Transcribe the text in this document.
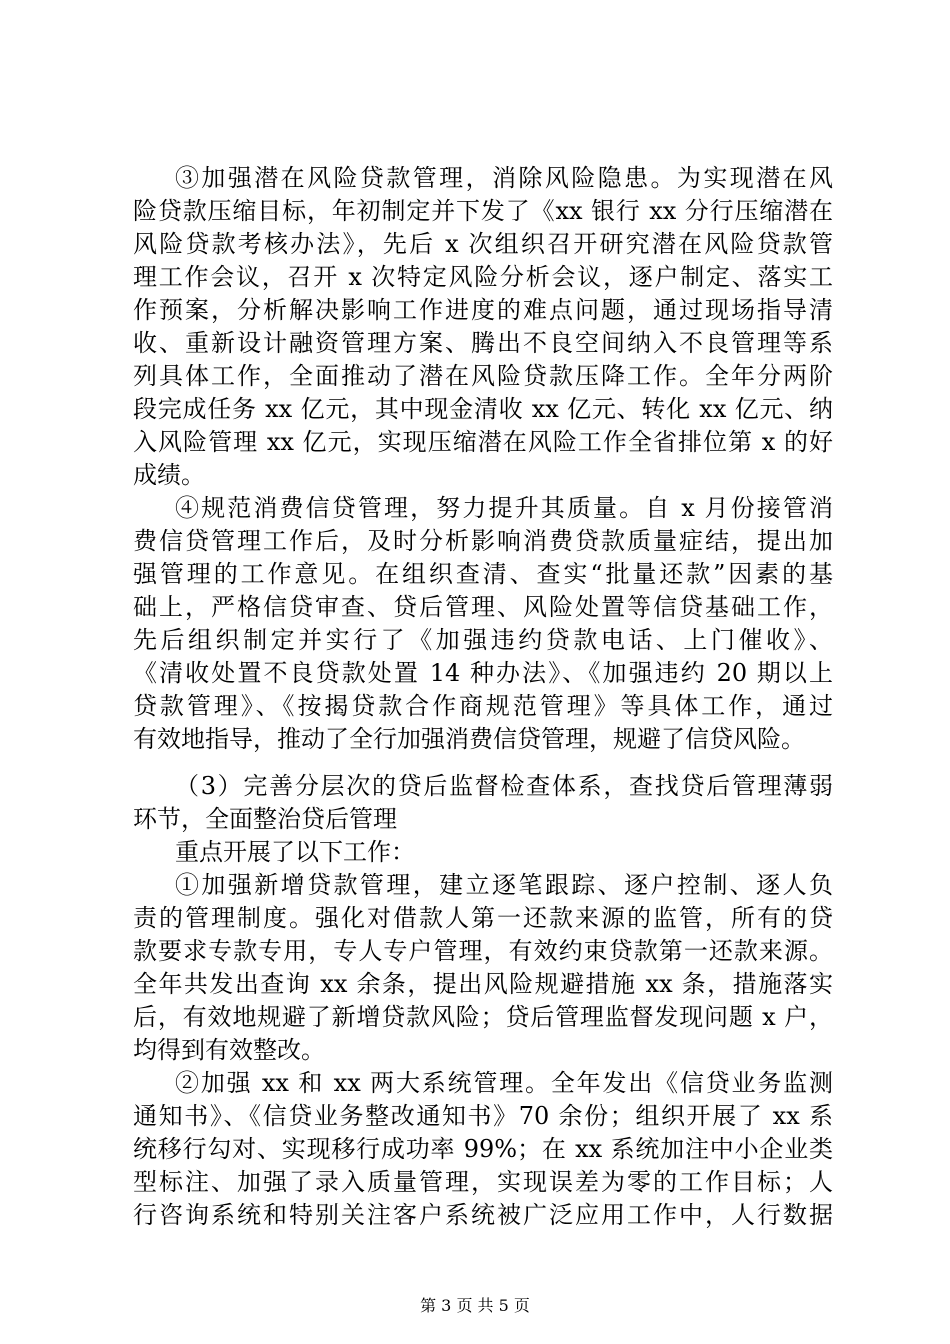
③加强潜在风险贷款管理，消除风险隐患。为实现潜在风
险贷款压缩目标，年初制定并下发了《xx 银行 xx 分行压缩潜在
风险贷款考核办法》，先后 x 次组织召开研究潜在风险贷款管
理工作会议，召开 x 次特定风险分析会议，逐户制定、落实工
作预案，分析解决影响工作进度的难点问题，通过现场指导清
收、重新设计融资管理方案、腾出不良空间纳入不良管理等系
列具体工作，全面推动了潜在风险贷款压降工作。全年分两阶
段完成任务 xx 亿元，其中现金清收 xx 亿元、转化 xx 亿元、纳
入风险管理 xx 亿元，实现压缩潜在风险工作全省排位第 x 的好
成绩。
④规范消费信贷管理，努力提升其质量。自 x 月份接管消
费信贷管理工作后，及时分析影响消费贷款质量症结，提出加
强管理的工作意见。在组织查清、查实“批量还款”因素的基
础上，严格信贷审查、贷后管理、风险处置等信贷基础工作，
先后组织制定并实行了《加强违约贷款电话、上门催收》、
《清收处置不良贷款处置 14 种办法》、《加强违约 20 期以上
贷款管理》、《按揭贷款合作商规范管理》等具体工作，通过
有效地指导，推动了全行加强消费信贷管理，规避了信贷风险。
（3）完善分层次的贷后监督检查体系，查找贷后管理薄弱
环节，全面整治贷后管理
重点开展了以下工作：
①加强新增贷款管理，建立逐笔跟踪、逐户控制、逐人负
责的管理制度。强化对借款人第一还款来源的监管，所有的贷
款要求专款专用，专人专户管理，有效约束贷款第一还款来源。
全年共发出查询 xx 余条，提出风险规避措施 xx 条，措施落实
后，有效地规避了新增贷款风险；贷后管理监督发现问题 x 户，
均得到有效整改。
②加强 xx 和 xx 两大系统管理。全年发出《信贷业务监测
通知书》、《信贷业务整改通知书》70 余份；组织开展了 xx 系
统移行勾对、实现移行成功率 99%；在 xx 系统加注中小企业类
型标注、加强了录入质量管理，实现误差为零的工作目标；人
行咨询系统和特别关注客户系统被广泛应用工作中，人行数据
第 3 页 共 5 页
